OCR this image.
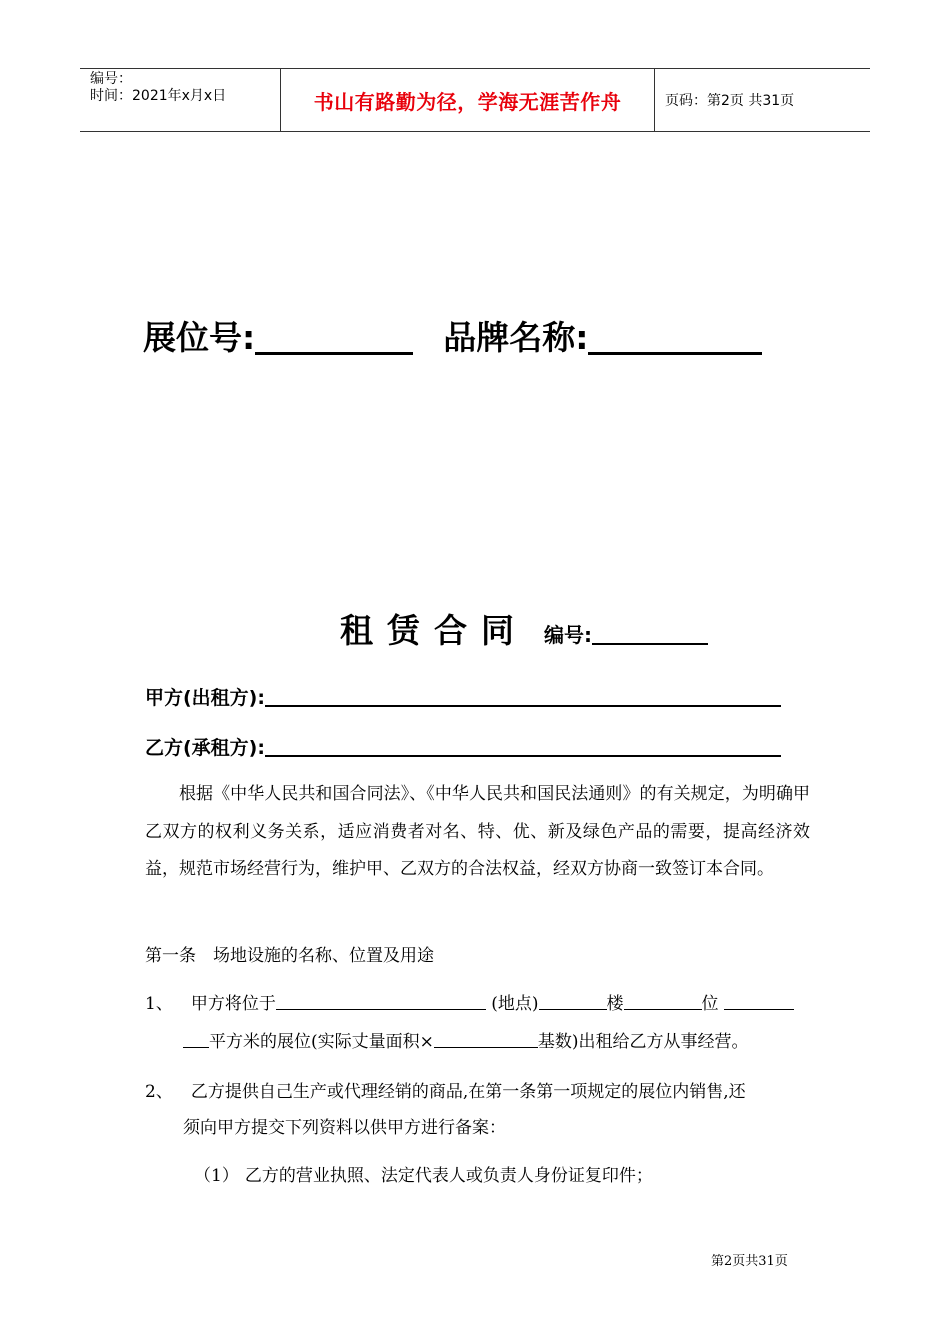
编号：
时间：2021年x月x日	书山有路勤为径，学海无涯苦作舟	页码：第2页 共31页
展位号:	品牌名称:
租赁合同 编号:
甲方(出租方):
乙方(承租方):
根据《中华人民共和国合同法》、《中华人民共和国民法通则》的有关规定，为明确甲乙双方的权利义务关系，适应消费者对名、特、优、新及绿色产品的需要，提高经济效益，规范市场经营行为，维护甲、乙双方的合法权益，经双方协商一致签订本合同。
第一条　场地设施的名称、位置及用途
1、 甲方将位于	(地点)	楼	位
平方米的展位(实际丈量面积×	基数)出租给乙方从事经营。
2、 乙方提供自己生产或代理经销的商品,在第一条第一项规定的展位内销售,还
须向甲方提交下列资料以供甲方进行备案：
（1） 乙方的营业执照、法定代表人或负责人身份证复印件；
第2页共31页
